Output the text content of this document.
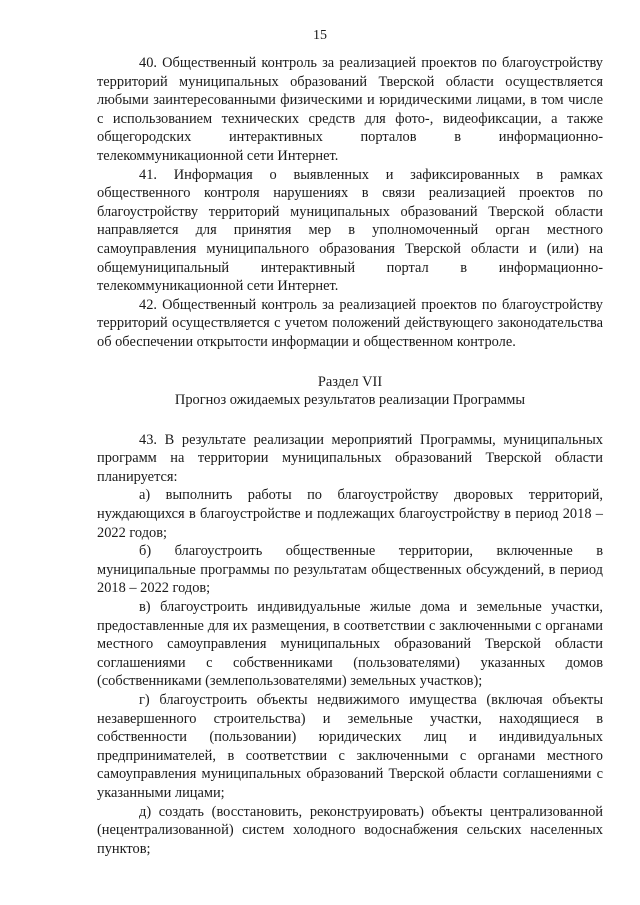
15

40. Общественный контроль за реализацией проектов по благоустройству территорий муниципальных образований Тверской области осуществляется любыми заинтересованными физическими и юридическими лицами, в том числе с использованием технических средств для фото-, видеофиксации, а также общегородских интерактивных порталов в информационно-телекоммуникационной сети Интернет.

41. Информация о выявленных и зафиксированных в рамках общественного контроля нарушениях в связи реализацией проектов по благоустройству территорий муниципальных образований Тверской области направляется для принятия мер в уполномоченный орган местного самоуправления муниципального образования Тверской области и (или) на общемуниципальный интерактивный портал в информационно-телекоммуникационной сети Интернет.

42. Общественный контроль за реализацией проектов по благоустройству территорий осуществляется с учетом положений действующего законодательства об обеспечении открытости информации и общественном контроле.

Раздел VII

Прогноз ожидаемых результатов реализации Программы

43. В результате реализации мероприятий Программы, муниципальных программ на территории муниципальных образований Тверской области планируется:

а) выполнить работы по благоустройству дворовых территорий, нуждающихся в благоустройстве и подлежащих благоустройству в период 2018 – 2022 годов;

б) благоустроить общественные территории, включенные в муниципальные программы по результатам общественных обсуждений, в период 2018 – 2022 годов;

в) благоустроить индивидуальные жилые дома и земельные участки, предоставленные для их размещения, в соответствии с заключенными с органами местного самоуправления муниципальных образований Тверской области соглашениями с собственниками (пользователями) указанных домов (собственниками (землепользователями) земельных участков);

г) благоустроить объекты недвижимого имущества (включая объекты незавершенного строительства) и земельные участки, находящиеся в собственности (пользовании) юридических лиц и индивидуальных предпринимателей, в соответствии с заключенными с органами местного самоуправления муниципальных образований Тверской области соглашениями с указанными лицами;

д) создать (восстановить, реконструировать) объекты централизованной (нецентрализованной) систем холодного водоснабжения сельских населенных пунктов;
